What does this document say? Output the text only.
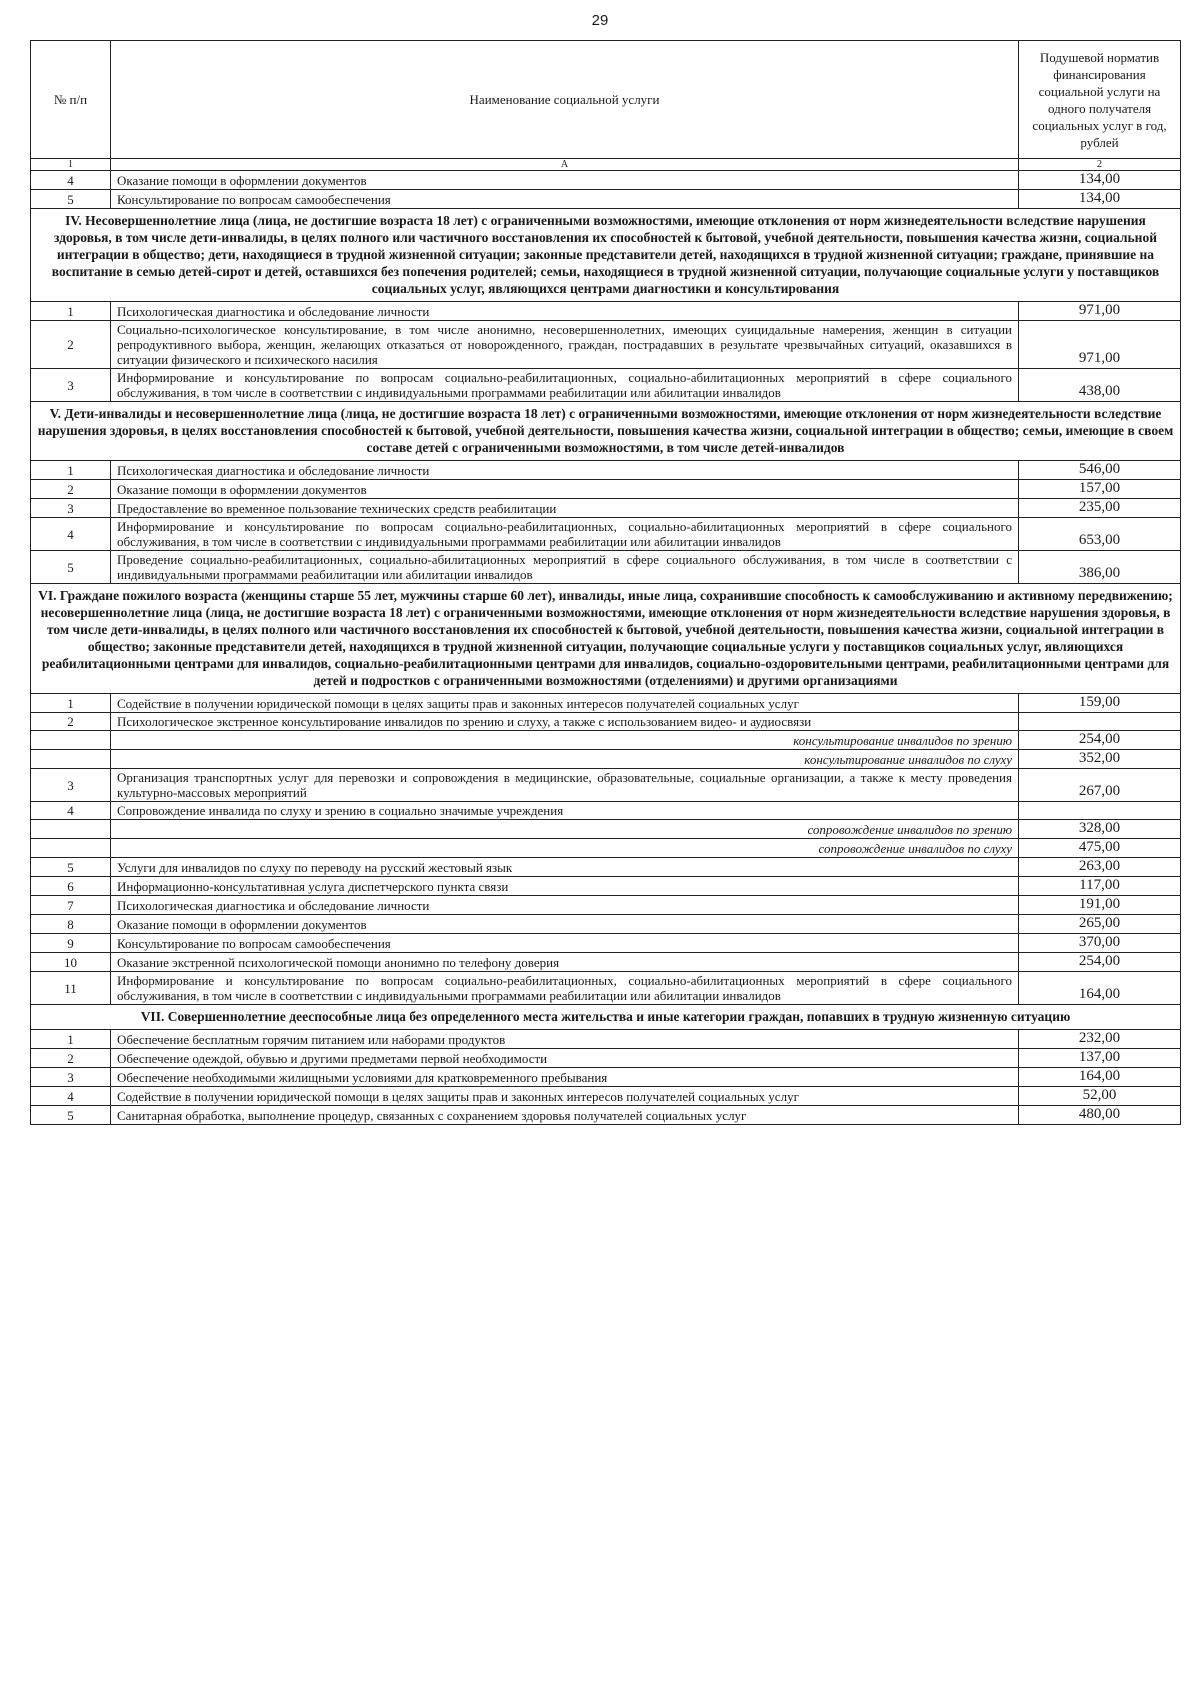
29
№ п/п	Наименование социальной услуги	Подушевой норматив финансирования социальной услуги на одного получателя социальных услуг в год, рублей
1	А	2
4	Оказание помощи в оформлении документов	134,00
5	Консультирование по вопросам самообеспечения	134,00
IV. Несовершеннолетние лица (лица, не достигшие возраста 18 лет) с ограниченными возможностями, имеющие отклонения от норм жизнедеятельности вследствие нарушения здоровья, в том числе дети-инвалиды, в целях полного или частичного восстановления их способностей к бытовой, учебной деятельности, повышения качества жизни, социальной интеграции в общество; дети, находящиеся в трудной жизненной ситуации; законные представители детей, находящихся в трудной жизненной ситуации; граждане, принявшие на воспитание в семью детей-сирот и детей, оставшихся без попечения родителей; семьи, находящиеся в трудной жизненной ситуации, получающие социальные услуги у поставщиков социальных услуг, являющихся центрами диагностики и консультирования		
1	Психологическая диагностика и обследование личности	971,00
2	Социально-психологическое консультирование, в том числе анонимно, несовершеннолетних, имеющих суицидальные намерения, женщин в ситуации репродуктивного выбора, женщин, желающих отказаться от новорожденного, граждан, пострадавших в результате чрезвычайных ситуаций, оказавшихся в ситуации физического и психического насилия	971,00
3	Информирование и консультирование по вопросам социально-реабилитационных, социально-абилитационных мероприятий в сфере социального обслуживания, в том числе в соответствии с индивидуальными программами реабилитации или абилитации инвалидов	438,00
V. Дети-инвалиды и несовершеннолетние лица (лица, не достигшие возраста 18 лет) с ограниченными возможностями, имеющие отклонения от норм жизнедеятельности вследствие нарушения здоровья, в целях восстановления способностей к бытовой, учебной деятельности, повышения качества жизни, социальной интеграции в общество; семьи, имеющие в своем составе детей с ограниченными возможностями, в том числе детей-инвалидов		
1	Психологическая диагностика и обследование личности	546,00
2	Оказание помощи в оформлении документов	157,00
3	Предоставление во временное пользование технических средств реабилитации	235,00
4	Информирование и консультирование по вопросам социально-реабилитационных, социально-абилитационных мероприятий в сфере социального обслуживания, в том числе в соответствии с индивидуальными программами реабилитации или абилитации инвалидов	653,00
5	Проведение социально-реабилитационных, социально-абилитационных мероприятий в сфере социального обслуживания, в том числе в соответствии с индивидуальными программами реабилитации или абилитации инвалидов	386,00
VI. Граждане пожилого возраста (женщины старше 55 лет, мужчины старше 60 лет), инвалиды, иные лица, сохранившие способность к самообслуживанию и активному передвижению; несовершеннолетние лица (лица, не достигшие возраста 18 лет) с ограниченными возможностями, имеющие отклонения от норм жизнедеятельности вследствие нарушения здоровья, в том числе дети-инвалиды, в целях полного или частичного восстановления их способностей к бытовой, учебной деятельности, повышения качества жизни, социальной интеграции в общество; законные представители детей, находящихся в трудной жизненной ситуации, получающие социальные услуги у поставщиков социальных услуг, являющихся реабилитационными центрами для инвалидов, социально-реабилитационными центрами для инвалидов, социально-оздоровительными центрами, реабилитационными центрами для детей и подростков с ограниченными возможностями (отделениями) и другими организациями		
1	Содействие в получении юридической помощи в целях защиты прав и законных интересов получателей социальных услуг	159,00
2	Психологическое экстренное консультирование инвалидов по зрению и слуху, а также с использованием видео- и аудиосвязи	
	консультирование инвалидов по зрению	254,00
	консультирование инвалидов по слуху	352,00
3	Организация транспортных услуг для перевозки и сопровождения в медицинские, образовательные, социальные организации, а также к месту проведения культурно-массовых мероприятий	267,00
4	Сопровождение инвалида по слуху и зрению в социально значимые учреждения	
	сопровождение инвалидов по зрению	328,00
	сопровождение инвалидов по слуху	475,00
5	Услуги для инвалидов по слуху по переводу на русский жестовый язык	263,00
6	Информационно-консультативная услуга диспетчерского пункта связи	117,00
7	Психологическая диагностика и обследование личности	191,00
8	Оказание помощи в оформлении документов	265,00
9	Консультирование по вопросам самообеспечения	370,00
10	Оказание экстренной психологической помощи анонимно по телефону доверия	254,00
11	Информирование и консультирование по вопросам социально-реабилитационных, социально-абилитационных мероприятий в сфере социального обслуживания, в том числе в соответствии с индивидуальными программами реабилитации или абилитации инвалидов	164,00
VII. Совершеннолетние дееспособные лица без определенного места жительства и иные категории граждан, попавших в трудную жизненную ситуацию		
1	Обеспечение бесплатным горячим питанием или наборами продуктов	232,00
2	Обеспечение одеждой, обувью и другими предметами первой необходимости	137,00
3	Обеспечение необходимыми жилищными условиями для кратковременного пребывания	164,00
4	Содействие в получении юридической помощи в целях защиты прав и законных интересов получателей социальных услуг	52,00
5	Санитарная обработка, выполнение процедур, связанных с сохранением здоровья получателей социальных услуг	480,00
